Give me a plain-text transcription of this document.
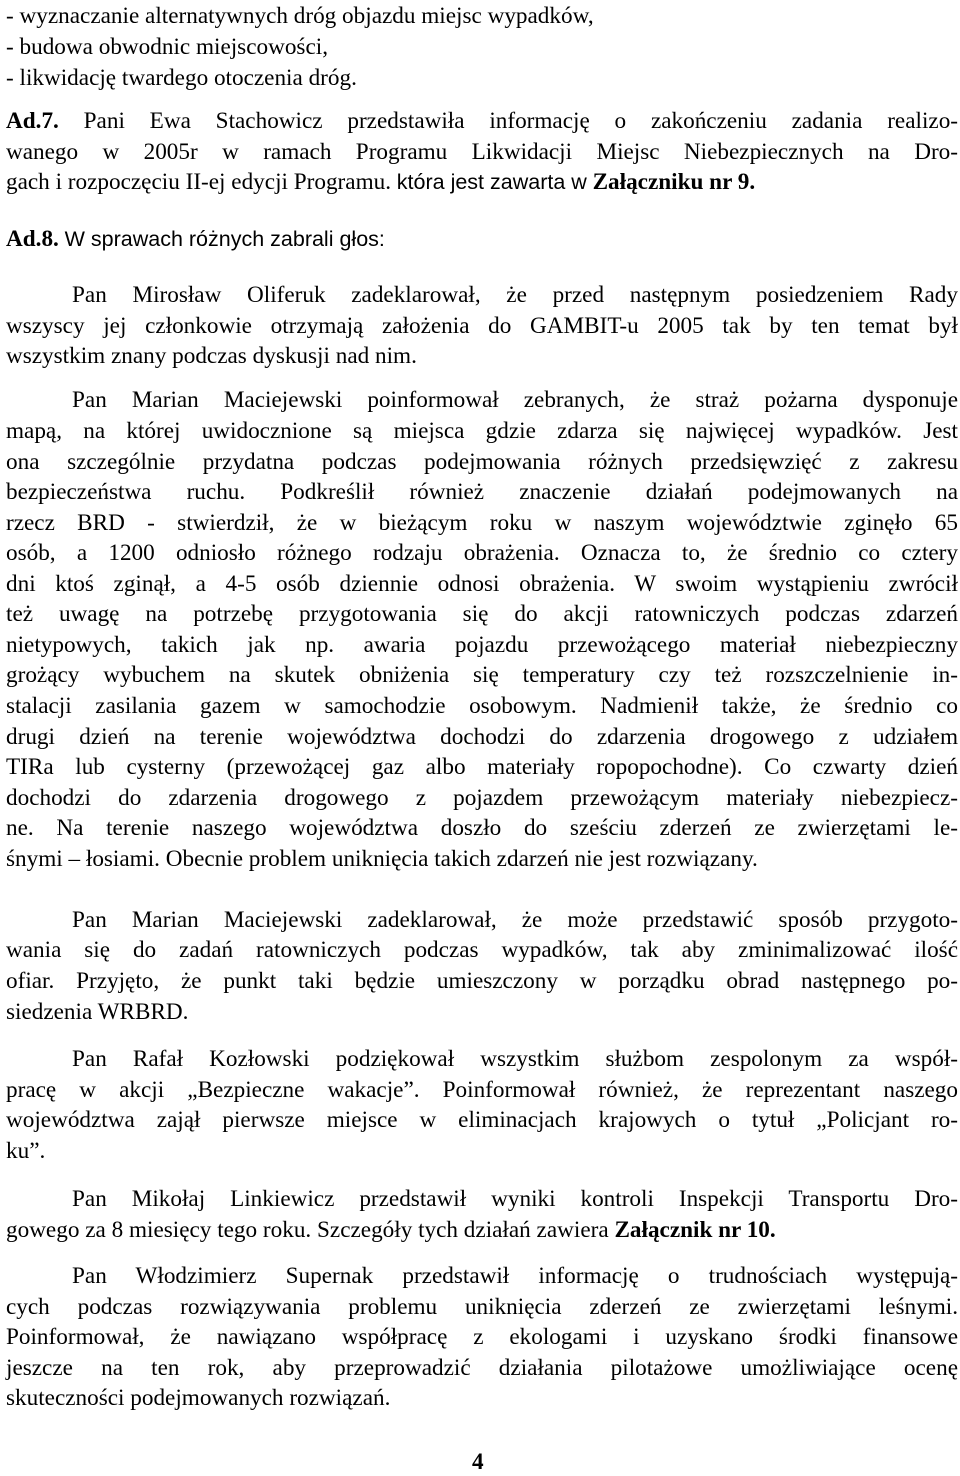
- wyznaczanie alternatywnych dróg objazdu miejsc wypadków,
- budowa obwodnic miejscowości,
- likwidację twardego otoczenia dróg.
Ad.7. Pani Ewa Stachowicz przedstawiła informację o zakończeniu zadania realizo-
wanego w 2005r w ramach Programu Likwidacji Miejsc Niebezpiecznych na Dro-
gach i rozpoczęciu II-ej edycji Programu. która jest zawarta w Załączniku nr 9.
Ad.8. W sprawach różnych zabrali głos:
Pan Mirosław Oliferuk zadeklarował, że przed następnym posiedzeniem Rady
wszyscy jej członkowie otrzymają założenia do GAMBIT-u 2005 tak by ten temat był
wszystkim znany podczas dyskusji nad nim.
Pan Marian Maciejewski poinformował zebranych, że straż pożarna dysponuje
mapą, na której uwidocznione są miejsca gdzie zdarza się najwięcej wypadków. Jest
ona szczególnie przydatna podczas podejmowania różnych przedsięwzięć z zakresu
bezpieczeństwa ruchu. Podkreślił również znaczenie działań podejmowanych na
rzecz BRD - stwierdził, że w bieżącym roku w naszym województwie zginęło 65
osób, a 1200 odniosło różnego rodzaju obrażenia. Oznacza to, że średnio co cztery
dni ktoś zginął, a 4-5 osób dziennie odnosi obrażenia. W swoim wystąpieniu zwrócił
też uwagę na potrzebę przygotowania się do akcji ratowniczych podczas zdarzeń
nietypowych, takich jak np. awaria pojazdu przewożącego materiał niebezpieczny
grożący wybuchem na skutek obniżenia się temperatury czy też rozszczelnienie in-
stalacji zasilania gazem w samochodzie osobowym. Nadmienił także, że średnio co
drugi dzień na terenie województwa dochodzi do zdarzenia drogowego z udziałem
TIRa lub cysterny (przewożącej gaz albo materiały ropopochodne). Co czwarty dzień
dochodzi do zdarzenia drogowego z pojazdem przewożącym materiały niebezpiecz-
ne. Na terenie naszego województwa doszło do sześciu zderzeń ze zwierzętami le-
śnymi – łosiami. Obecnie problem uniknięcia takich zdarzeń nie jest rozwiązany.
Pan Marian Maciejewski zadeklarował, że może przedstawić sposób przygoto-
wania się do zadań ratowniczych podczas wypadków, tak aby zminimalizować ilość
ofiar. Przyjęto, że punkt taki będzie umieszczony w porządku obrad następnego po-
siedzenia WRBRD.
Pan Rafał Kozłowski podziękował wszystkim służbom zespolonym za współ-
pracę w akcji „Bezpieczne wakacje”. Poinformował również, że reprezentant naszego
województwa zajął pierwsze miejsce w eliminacjach krajowych o tytuł „Policjant ro-
ku”.
Pan Mikołaj Linkiewicz przedstawił wyniki kontroli Inspekcji Transportu Dro-
gowego za 8 miesięcy tego roku. Szczegóły tych działań zawiera Załącznik nr 10.
Pan Włodzimierz Supernak przedstawił informację o trudnościach występują-
cych podczas rozwiązywania problemu uniknięcia zderzeń ze zwierzętami leśnymi.
Poinformował, że nawiązano współpracę z ekologami i uzyskano środki finansowe
jeszcze na ten rok, aby przeprowadzić działania pilotażowe umożliwiające ocenę
skuteczności podejmowanych rozwiązań.
4
